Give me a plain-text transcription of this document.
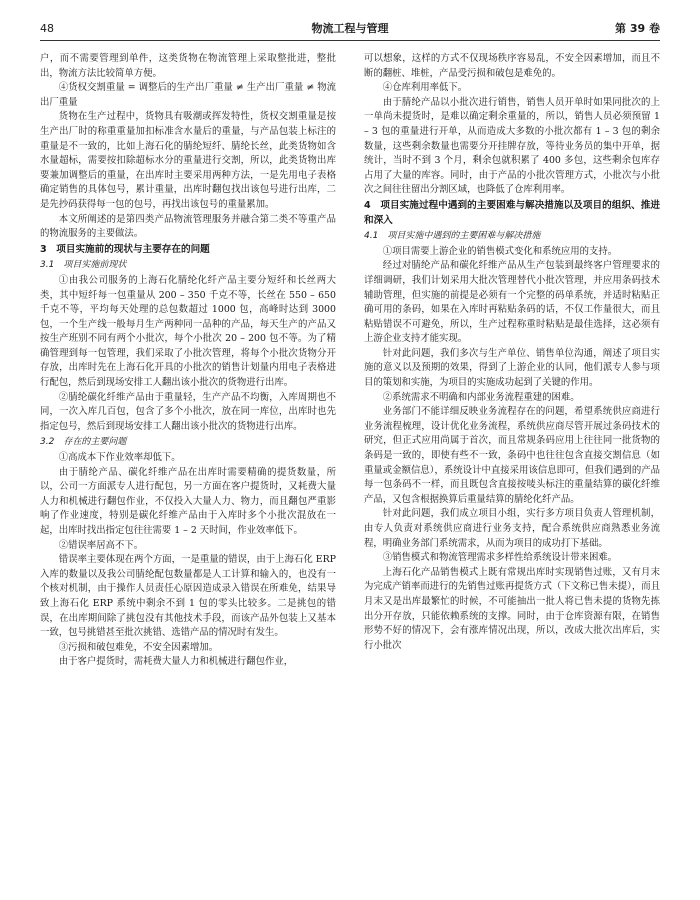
48	物流工程与管理	第 39 卷

户，而不需要管理到单件，这类货物在物流管理上采取整批进，整批出，物流方法比较简单方便。

④货权交割重量 = 调整后的生产出厂重量 ≠ 生产出厂重量 ≠ 物流出厂重量

货物在生产过程中，货物具有吸潮或挥发特性，货权交割重量是按生产出厂时的称重重量加扣标准含水量后的重量，与产品包装上标注的重量是不一致的，比如上海石化的腈纶短纤、腈纶长丝，此类货物如含水量超标，需要按扣除超标水分的重量进行交割，所以，此类货物出库要兼加调整后的重量，在出库时主要采用两种方法，一是先用电子表格确定销售的具体包号，累计重量，出库时翻包找出该包号进行出库，二是先抄码获得每一包的包号，再找出该包号的重量累加。

本文所阐述的是第四类产品物流管理服务并融合第二类不等重产品的物流服务的主要做法。

3　项目实施前的现状与主要存在的问题
3.1　项目实施前现状

①由我公司服务的上海石化腈纶化纤产品主要分短纤和长丝两大类，其中短纤每一包重量从 200 – 350 千克不等，长丝在 550 – 650 千克不等，平均每天处理的总包数超过 1000 包，高峰时达到 3000 包，一个生产线一般每月生产两种同一品种的产品，每天生产的产品又按生产班别不同有两个小批次，每个小批次 20 – 200 包不等。为了精确管理到每一包管理，我们采取了小批次管理，将每个小批次货物分开存放，出库时先在上海石化开具的小批次的销售计划量内用电子表格进行配包，然后到现场安排工人翻出该小批次的货物进行出库。

②腈纶碳化纤维产品由于重量轻，生产产品不均衡，入库周期也不同，一次入库几百包，包含了多个小批次，放在同一库位，出库时也先指定包号，然后到现场安排工人翻出该小批次的货物进行出库。

3.2　存在的主要问题

①高成本下作业效率却低下。

由于腈纶产品、碳化纤维产品在出库时需要精确的提货数量，所以，公司一方面派专人进行配包，另一方面在客户提货时，又耗费大量人力和机械进行翻包作业，不仅投入大量人力、物力，而且翻包严重影响了作业速度，特别是碳化纤维产品由于入库时多个小批次混放在一起，出库时找出指定包往往需要 1 – 2 天时间，作业效率低下。

②错误率居高不下。

错误率主要体现在两个方面，一是重量的错误，由于上海石化 ERP 入库的数量以及我公司腈纶配包数量都是人工计算和输入的，也没有一个核对机制，由于操作人员责任心原因造成录入错误在所难免，结果导致上海石化 ERP 系统中剩余不到 1 包的零头比较多。二是挑包的错误，在出库期间除了挑包没有其他技术手段，而该产品外包装上又基本一致，包号挑错甚至批次挑错、选错产品的情况时有发生。

③污损和破包难免，不安全因素增加。

由于客户提货时，需耗费大量人力和机械进行翻包作业，

可以想象，这样的方式不仅现场秩序容易乱，不安全因素增加，而且不断的翻桩、堆桩，产品受污损和破包是难免的。

④仓库利用率低下。

由于腈纶产品以小批次进行销售，销售人员开单时如果同批次的上一单尚未提货时，是难以确定剩余重量的，所以，销售人员必须预留 1 – 3 包的重量进行开单，从而造成大多数的小批次都有 1 – 3 包的剩余数量，这些剩余数量也需要分开挂牌存放，等待业务员的集中开单，据统计，当时不到 3 个月，剩余包就积累了 400 多包，这些剩余包库存占用了大量的库容。同时，由于产品的小批次管理方式，小批次与小批次之间往往留出分割区域，也降低了仓库利用率。

4　项目实施过程中遇到的主要困难与解决措施以及项目的组织、推进和深入
4.1　项目实施中遇到的主要困难与解决措施

①项目需要上游企业的销售模式变化和系统应用的支持。

经过对腈纶产品和碳化纤维产品从生产包装到最终客户管理要求的详细调研，我们计划采用大批次管理替代小批次管理，并应用条码技术辅助管理，但实施的前提是必须有一个完整的码单系统，并适时粘贴正确可用的条码，如果在入库时再粘贴条码的话，不仅工作量很大，而且粘贴错误不可避免，所以，生产过程称重时粘贴是最佳选择，这必须有上游企业支持才能实现。

针对此问题，我们多次与生产单位、销售单位沟通，阐述了项目实施的意义以及预期的效果，得到了上游企业的认同，他们派专人参与项目的策划和实施，为项目的实施成功起到了关键的作用。

②系统需求不明确和内部业务流程重建的困难。

业务部门不能详细反映业务流程存在的问题，希望系统供应商进行业务流程梳理，设计优化业务流程，系统供应商尽管开展过条码技术的研究，但正式应用尚属于首次，而且常规条码应用上往往同一批货物的条码是一致的，即使有些不一致，条码中也往往包含直接交割信息（如重量或金额信息），系统设计中直接采用该信息即可，但我们遇到的产品每一包条码不一样，而且既包含直接按唛头标注的重量结算的碳化纤维产品，又包含根据换算后重量结算的腈纶化纤产品。

针对此问题，我们成立项目小组，实行多方项目负责人管理机制，由专人负责对系统供应商进行业务支持，配合系统供应商熟悉业务流程，明确业务部门系统需求，从而为项目的成功打下基础。

③销售模式和物流管理需求多样性给系统设计带来困难。

上海石化产品销售模式上既有常规出库时实现销售过账，又有月末为完成产销率而进行的先销售过账再提货方式（下文称已售未提），而且月末又是出库最繁忙的时候，不可能抽出一批人将已售未提的货物先拣出分开存放，只能依赖系统的支撑。同时，由于仓库资源有限，在销售形势不好的情况下，会有涨库情况出现，所以，改成大批次出库后，实行小批次
